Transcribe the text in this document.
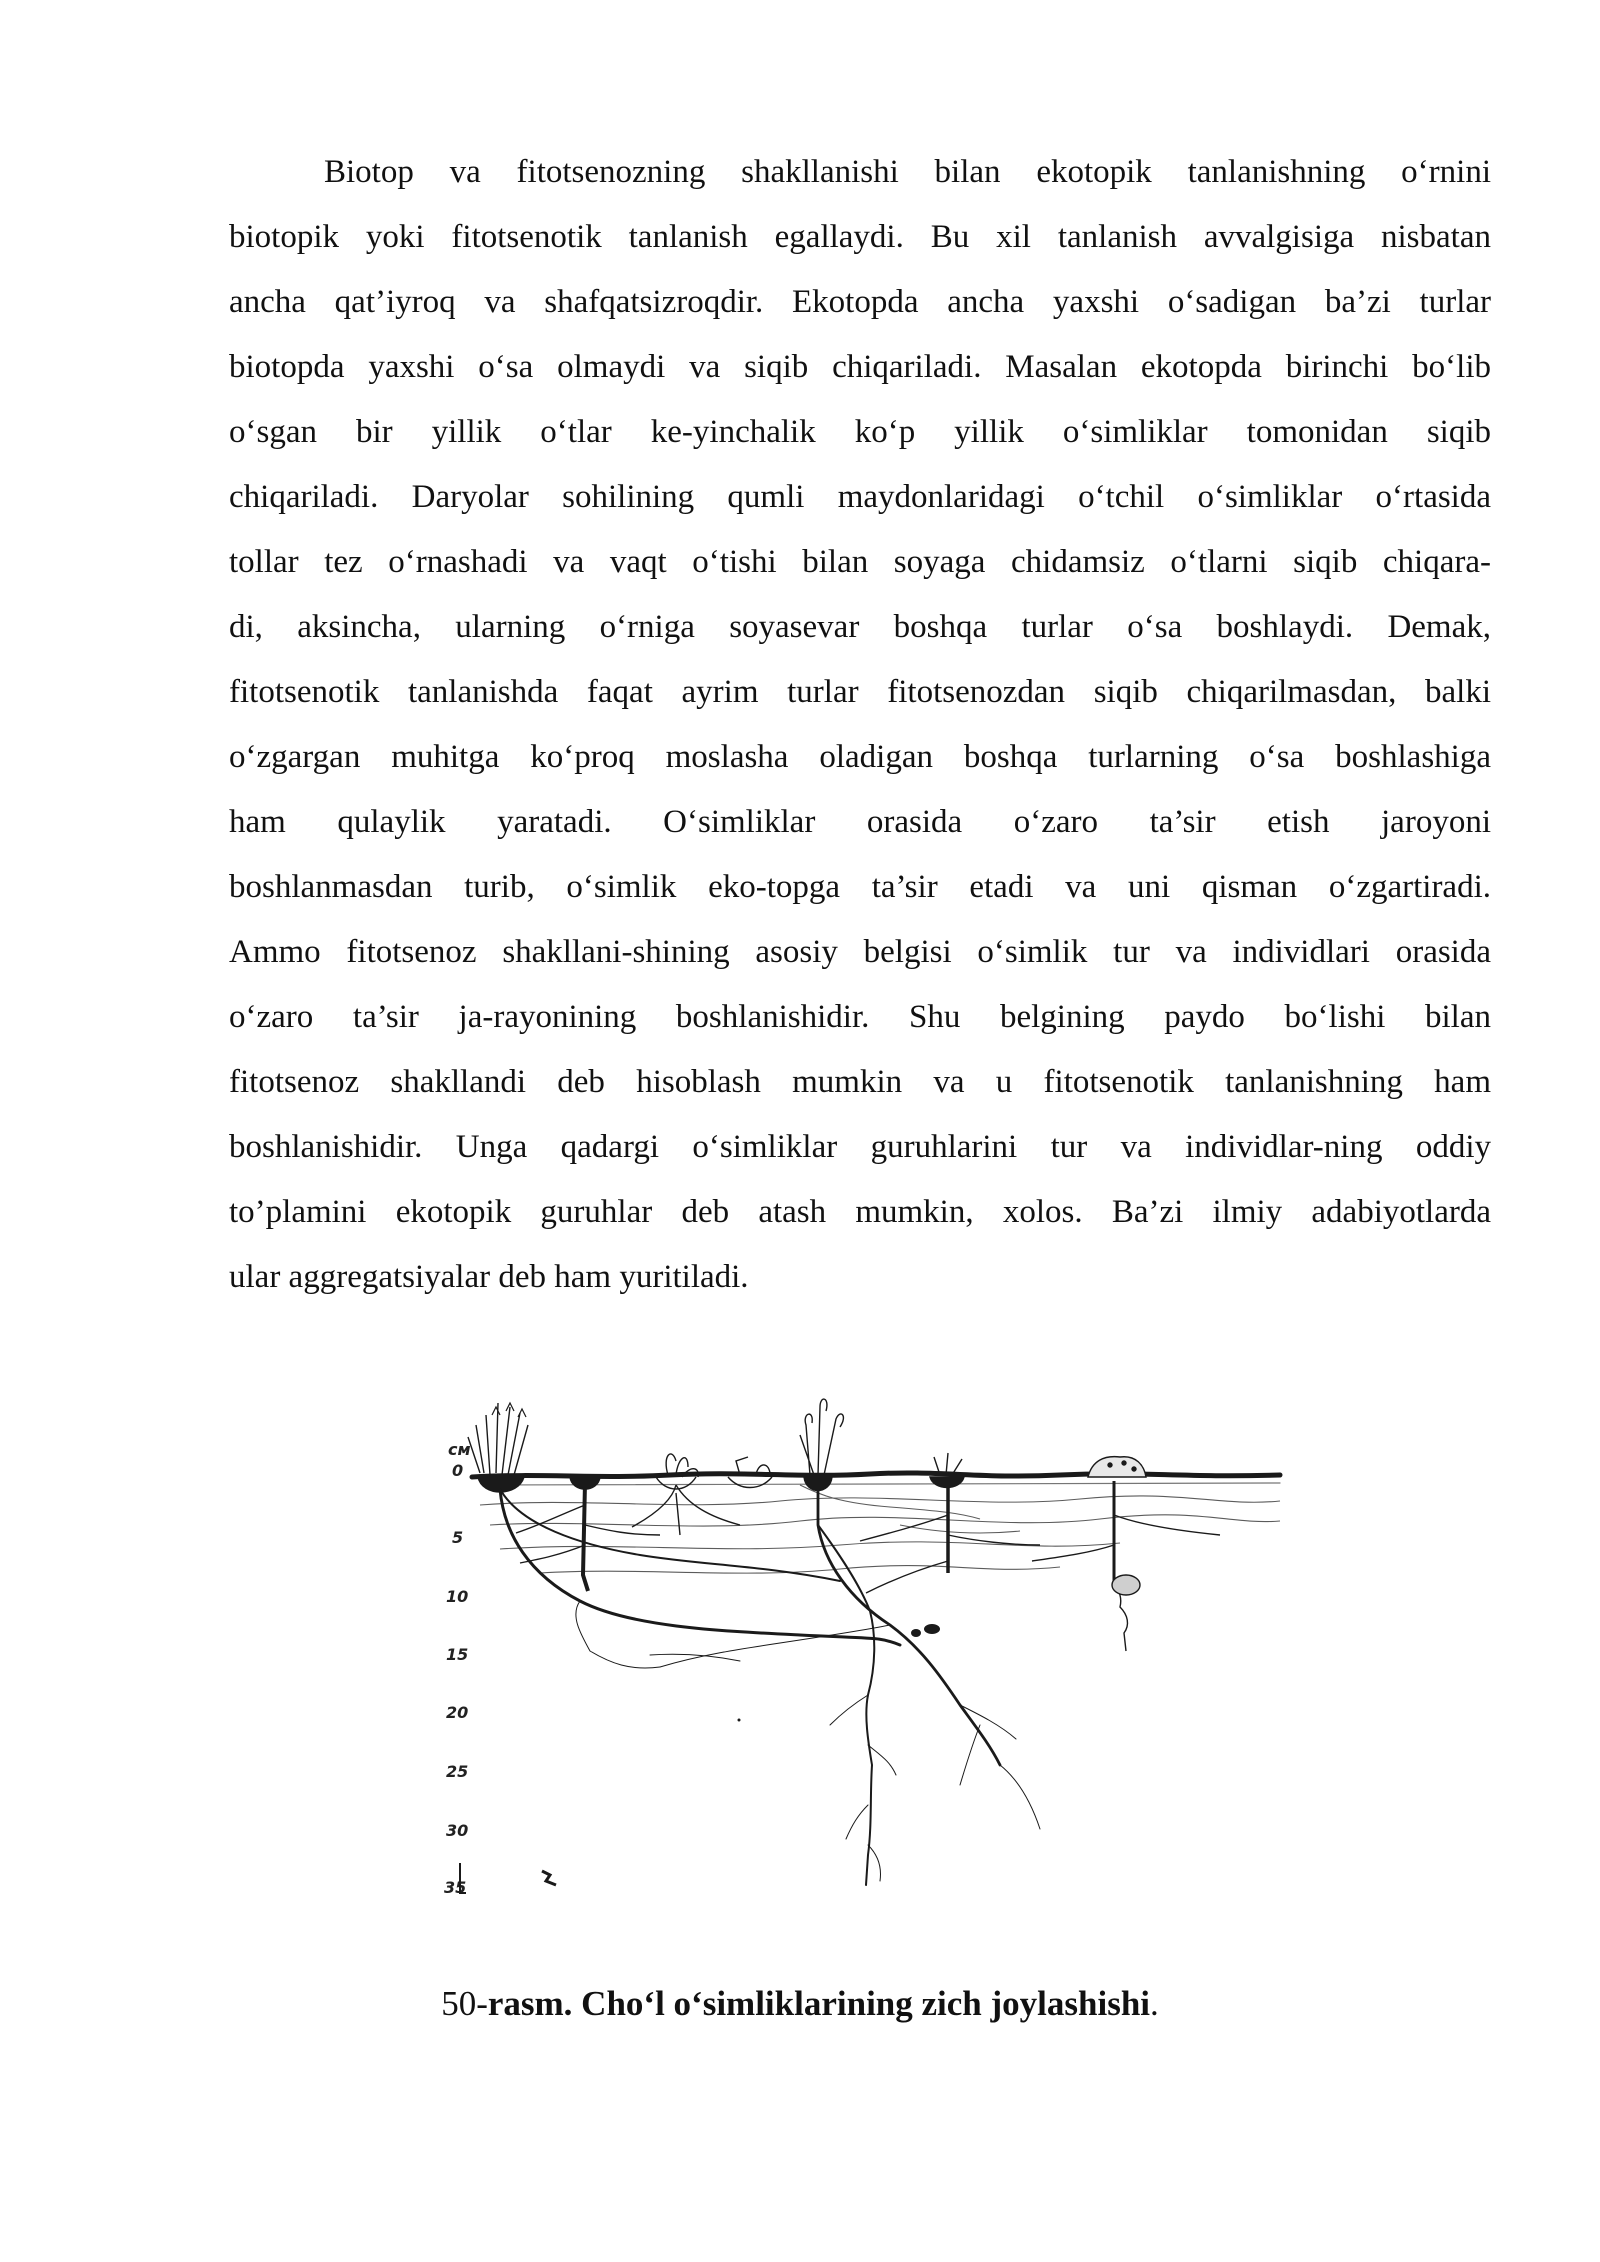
Biotop va fitotsenozning shakllanishi bilan ekotopik tanlanishning o‘rnini
biotopik yoki fitotsenotik tanlanish egallaydi. Bu xil tanlanish avvalgisiga nisbatan
ancha qat’iyroq va shafqatsizroqdir. Ekotopda ancha yaxshi o‘sadigan ba’zi turlar
biotopda yaxshi o‘sa olmaydi va siqib chiqariladi. Masalan ekotopda birinchi bo‘lib
o‘sgan bir yillik o‘tlar ke-yinchalik ko‘p yillik o‘simliklar tomonidan siqib
chiqariladi. Daryolar sohilining qumli maydonlaridagi o‘tchil o‘simliklar o‘rtasida
tollar tez o‘rnashadi va vaqt o‘tishi bilan soyaga chidamsiz o‘tlarni siqib chiqara-
di, aksincha, ularning o‘rniga soyasevar boshqa turlar o‘sa boshlaydi. Demak,
fitotsenotik tanlanishda faqat ayrim turlar fitotsenozdan siqib chiqarilmasdan, balki
o‘zgargan muhitga ko‘proq moslasha oladigan boshqa turlarning o‘sa boshlashiga
ham qulaylik yaratadi. O‘simliklar orasida o‘zaro ta’sir etish jaroyoni
boshlanmasdan turib, o‘simlik eko-topga ta’sir etadi va uni qisman o‘zgartiradi.
Ammo fitotsenoz shakllani-shining asosiy belgisi o‘simlik tur va individlari orasida
o‘zaro ta’sir ja-rayonining boshlanishidir. Shu belgining paydo bo‘lishi bilan
fitotsenoz shakllandi deb hisoblash mumkin va u fitotsenotik tanlanishning ham
boshlanishidir. Unga qadargi o‘simliklar guruhlarini tur va individlar-ning oddiy
to’plamini ekotopik guruhlar deb atash mumkin, xolos. Ba’zi ilmiy adabiyotlarda
ular aggregatsiyalar deb ham yuritiladi.
см
0
5
10
15
20
25
30
35
50-rasm. Cho‘l o‘simliklarining zich joylashishi.
